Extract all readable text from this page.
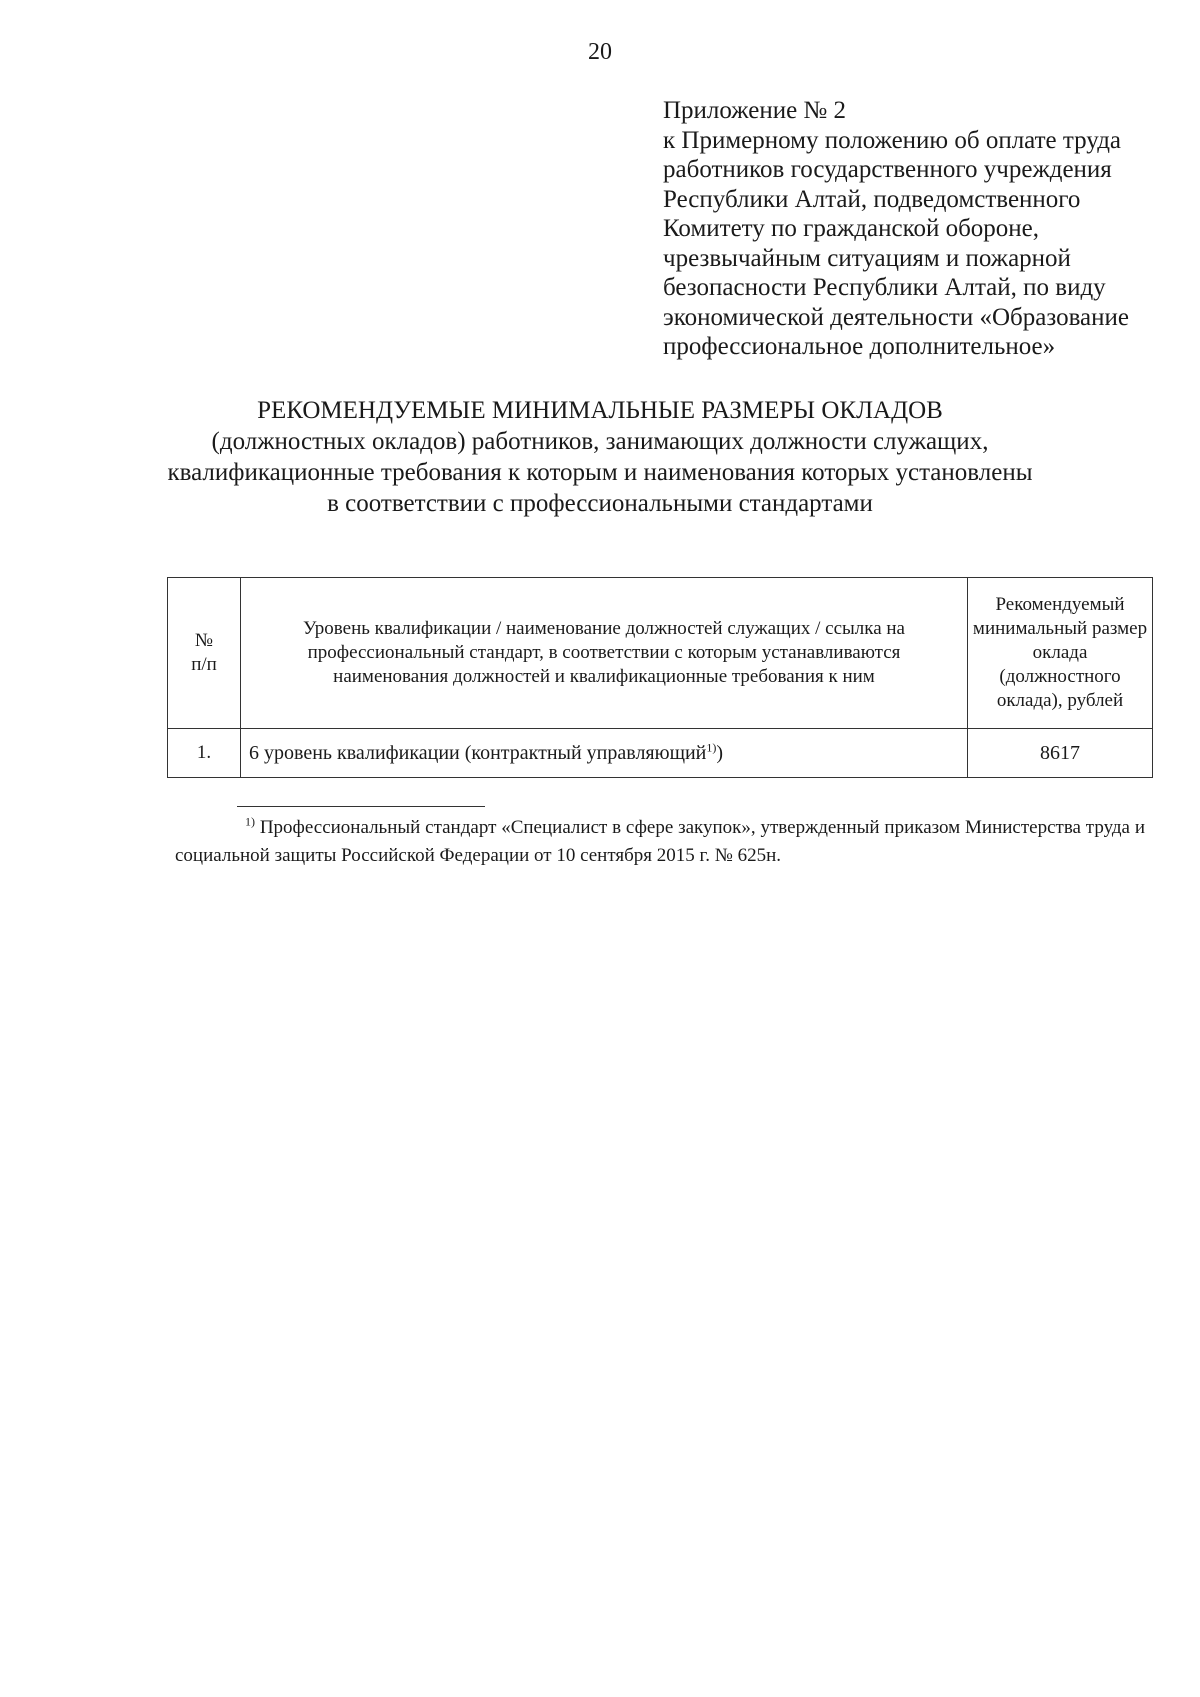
20
Приложение № 2
к Примерному положению об оплате труда
работников государственного учреждения
Республики Алтай, подведомственного
Комитету по гражданской обороне,
чрезвычайным ситуациям и пожарной
безопасности Республики Алтай, по виду
экономической деятельности «Образование
профессиональное дополнительное»
РЕКОМЕНДУЕМЫЕ МИНИМАЛЬНЫЕ РАЗМЕРЫ ОКЛАДОВ
(должностных окладов) работников, занимающих должности служащих,
квалификационные требования к которым и наименования которых установлены
в соответствии с профессиональными стандартами
№
п/п	Уровень квалификации / наименование должностей служащих / ссылка на профессиональный стандарт, в соответствии с которым устанавливаются наименования должностей и квалификационные требования к ним	Рекомендуемый минимальный размер оклада (должностного оклада), рублей
1.	6 уровень квалификации (контрактный управляющий$^{1)}$)	8617
$^{1)}$ Профессиональный стандарт «Специалист в сфере закупок», утвержденный приказом Министерства труда и социальной защиты Российской Федерации от 10 сентября 2015 г. № 625н.
